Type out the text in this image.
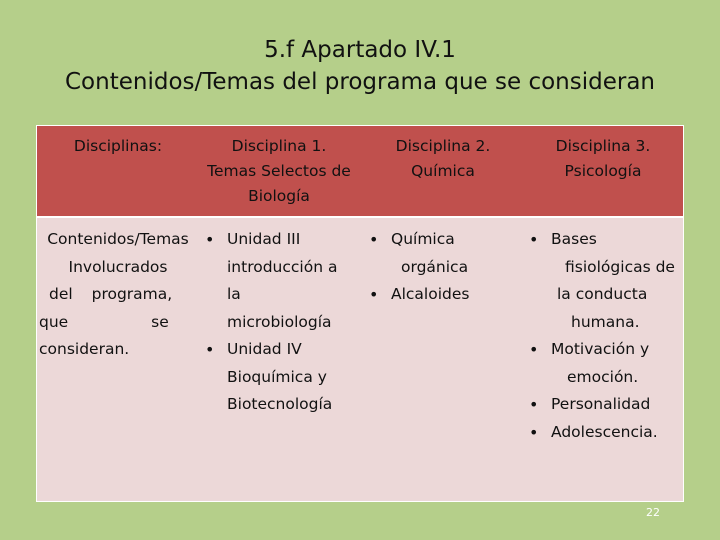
5.f Apartado IV.1
Contenidos/Temas del programa que se consideran
Disciplinas:	Disciplina 1.
Temas Selectos de
Biología
Disciplina 2.
Química
Disciplina 3.
Psicología
Contenidos/Temas
Involucrados
del programa,
que se
consideran.
• Unidad III
introducción a
la
microbiología
• Unidad IV
Bioquímica y
Biotecnología
• Química
orgánica
• Alcaloides
• Bases
fisiológicas de
la conducta
humana.
• Motivación y
emoción.
• Personalidad
• Adolescencia.
22
